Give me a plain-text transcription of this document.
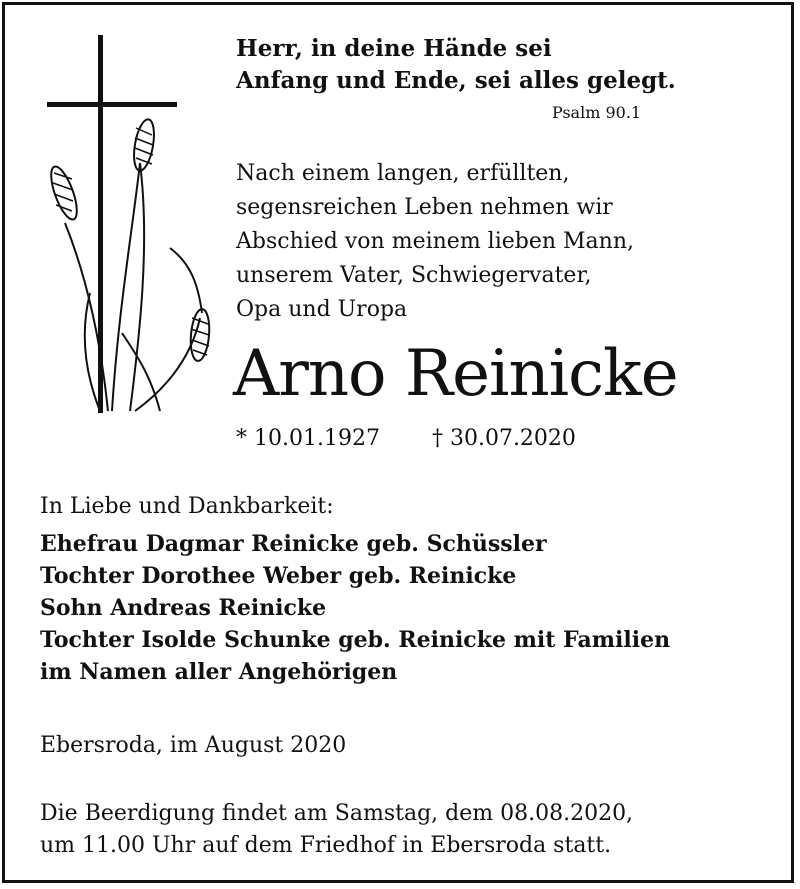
Herr, in deine Hände sei
Anfang und Ende, sei alles gelegt.
Psalm 90.1
Nach einem langen, erfüllten,
segensreichen Leben nehmen wir
Abschied von meinem lieben Mann,
unserem Vater, Schwiegervater,
Opa und Uropa
Arno Reinicke
* 10.01.1927 † 30.07.2020
In Liebe und Dankbarkeit:
Ehefrau Dagmar Reinicke geb. Schüssler
Tochter Dorothee Weber geb. Reinicke
Sohn Andreas Reinicke
Tochter Isolde Schunke geb. Reinicke mit Familien
im Namen aller Angehörigen
Ebersroda, im August 2020
Die Beerdigung findet am Samstag, dem 08.08.2020,
um 11.00 Uhr auf dem Friedhof in Ebersroda statt.
